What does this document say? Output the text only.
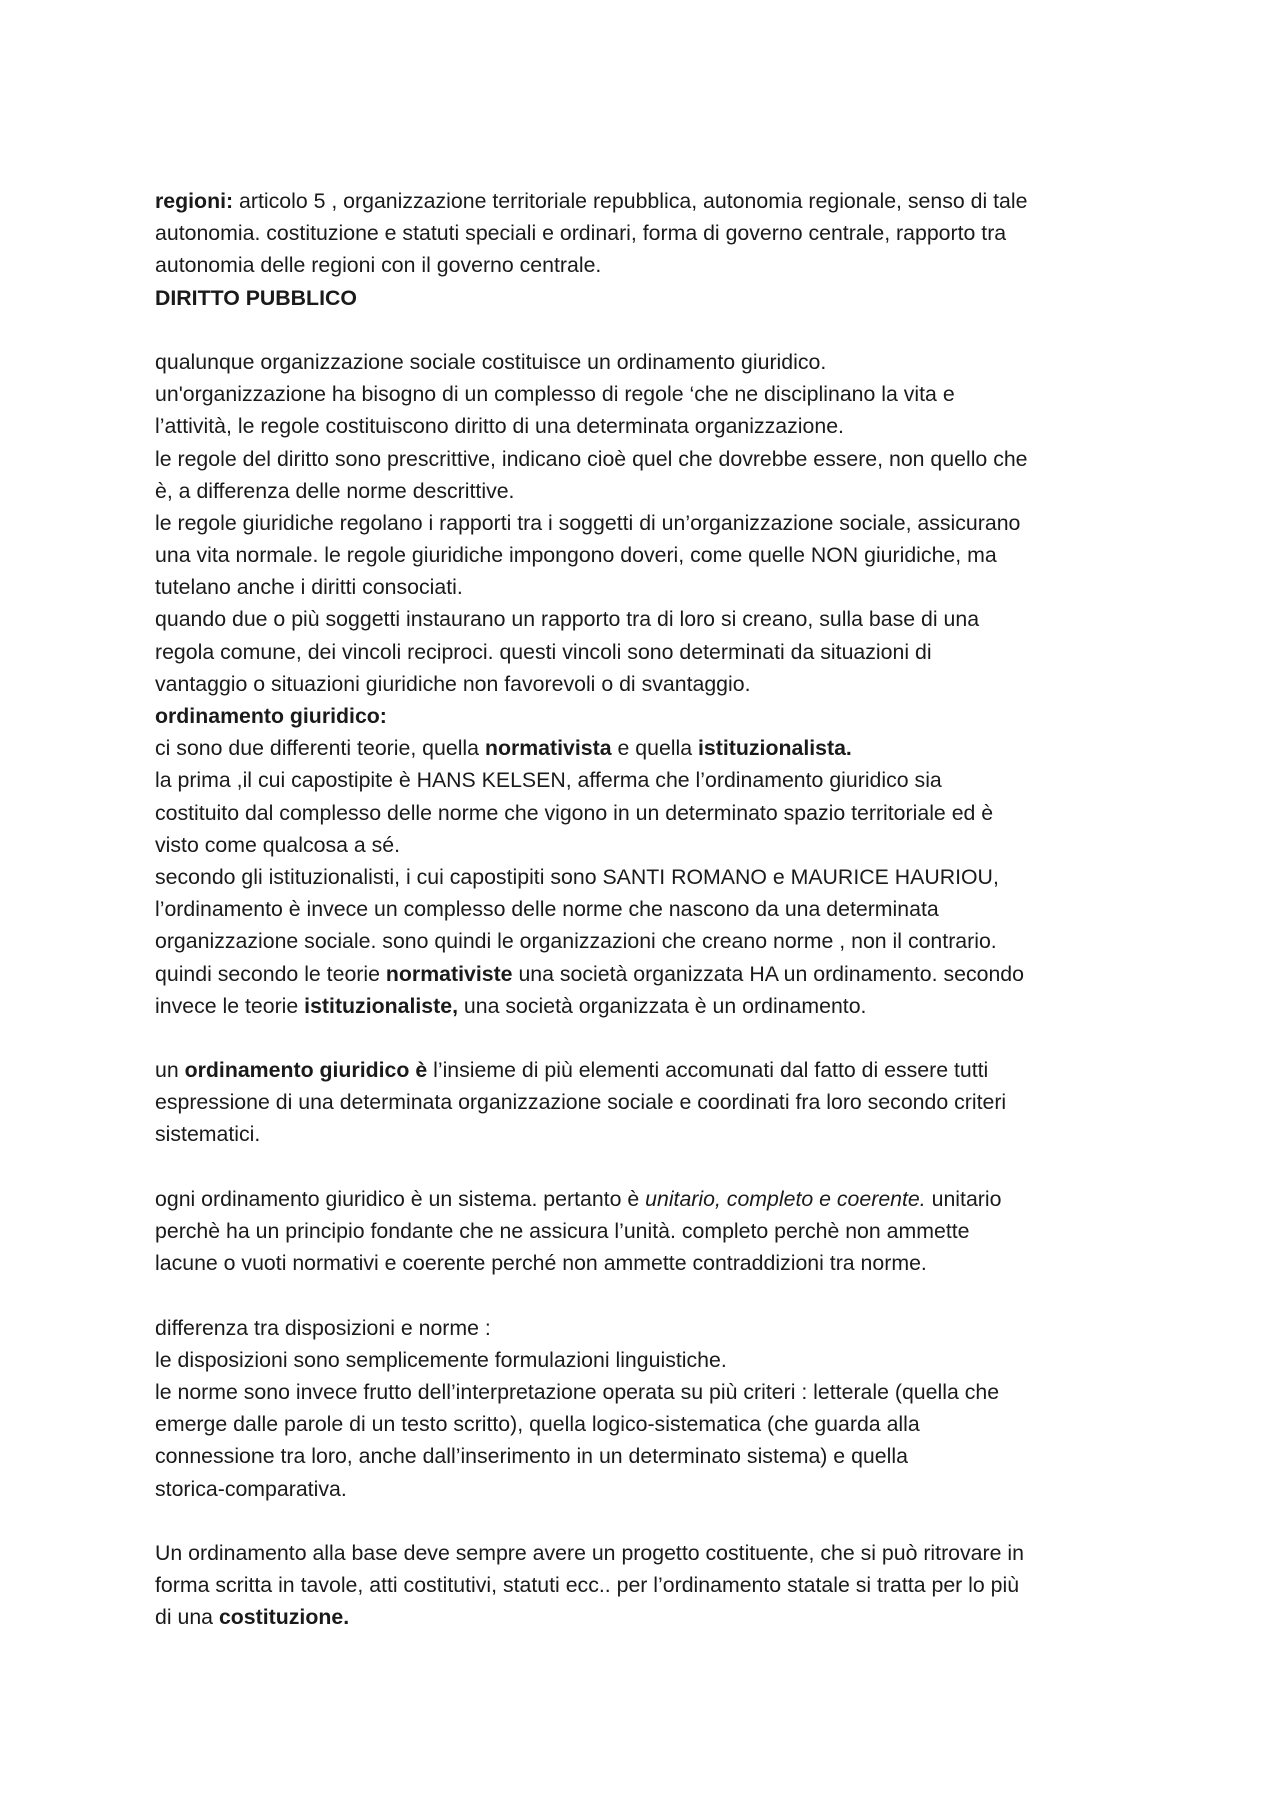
regioni: articolo 5 , organizzazione territoriale repubblica, autonomia regionale, senso di tale
autonomia. costituzione e statuti speciali e ordinari, forma di governo centrale, rapporto tra
autonomia delle regioni con il governo centrale.
DIRITTO PUBBLICO
qualunque organizzazione sociale costituisce un ordinamento giuridico.
un'organizzazione ha bisogno di un complesso di regole ‘che ne disciplinano la vita e
l’attività, le regole costituiscono diritto di una determinata organizzazione.
le regole del diritto sono prescrittive, indicano cioè quel che dovrebbe essere, non quello che
è, a differenza delle norme descrittive.
le regole giuridiche regolano i rapporti tra i soggetti di un’organizzazione sociale, assicurano
una vita normale. le regole giuridiche impongono doveri, come quelle NON giuridiche, ma
tutelano anche i diritti consociati.
quando due o più soggetti instaurano un rapporto tra di loro si creano, sulla base di una
regola comune, dei vincoli reciproci. questi vincoli sono determinati da situazioni di
vantaggio o situazioni giuridiche non favorevoli o di svantaggio.
ordinamento giuridico:
ci sono due differenti teorie, quella normativista e quella istituzionalista.
la prima ,il cui capostipite è HANS KELSEN, afferma che l’ordinamento giuridico sia
costituito dal complesso delle norme che vigono in un determinato spazio territoriale ed è
visto come qualcosa a sé.
secondo gli istituzionalisti, i cui capostipiti sono SANTI ROMANO e MAURICE HAURIOU,
l’ordinamento è invece un complesso delle norme che nascono da una determinata
organizzazione sociale. sono quindi le organizzazioni che creano norme , non il contrario.
quindi secondo le teorie normativiste una società organizzata HA un ordinamento. secondo
invece le teorie istituzionaliste, una società organizzata è un ordinamento.
un ordinamento giuridico è l’insieme di più elementi accomunati dal fatto di essere tutti
espressione di una determinata organizzazione sociale e coordinati fra loro secondo criteri
sistematici.
ogni ordinamento giuridico è un sistema. pertanto è unitario, completo e coerente. unitario
perchè ha un principio fondante che ne assicura l’unità. completo perchè non ammette
lacune o vuoti normativi e coerente perché non ammette contraddizioni tra norme.
differenza tra disposizioni e norme :
le disposizioni sono semplicemente formulazioni linguistiche.
le norme sono invece frutto dell’interpretazione operata su più criteri : letterale (quella che
emerge dalle parole di un testo scritto), quella logico-sistematica (che guarda alla
connessione tra loro, anche dall’inserimento in un determinato sistema) e quella
storica-comparativa.
Un ordinamento alla base deve sempre avere un progetto costituente, che si può ritrovare in
forma scritta in tavole, atti costitutivi, statuti ecc.. per l’ordinamento statale si tratta per lo più
di una costituzione.
